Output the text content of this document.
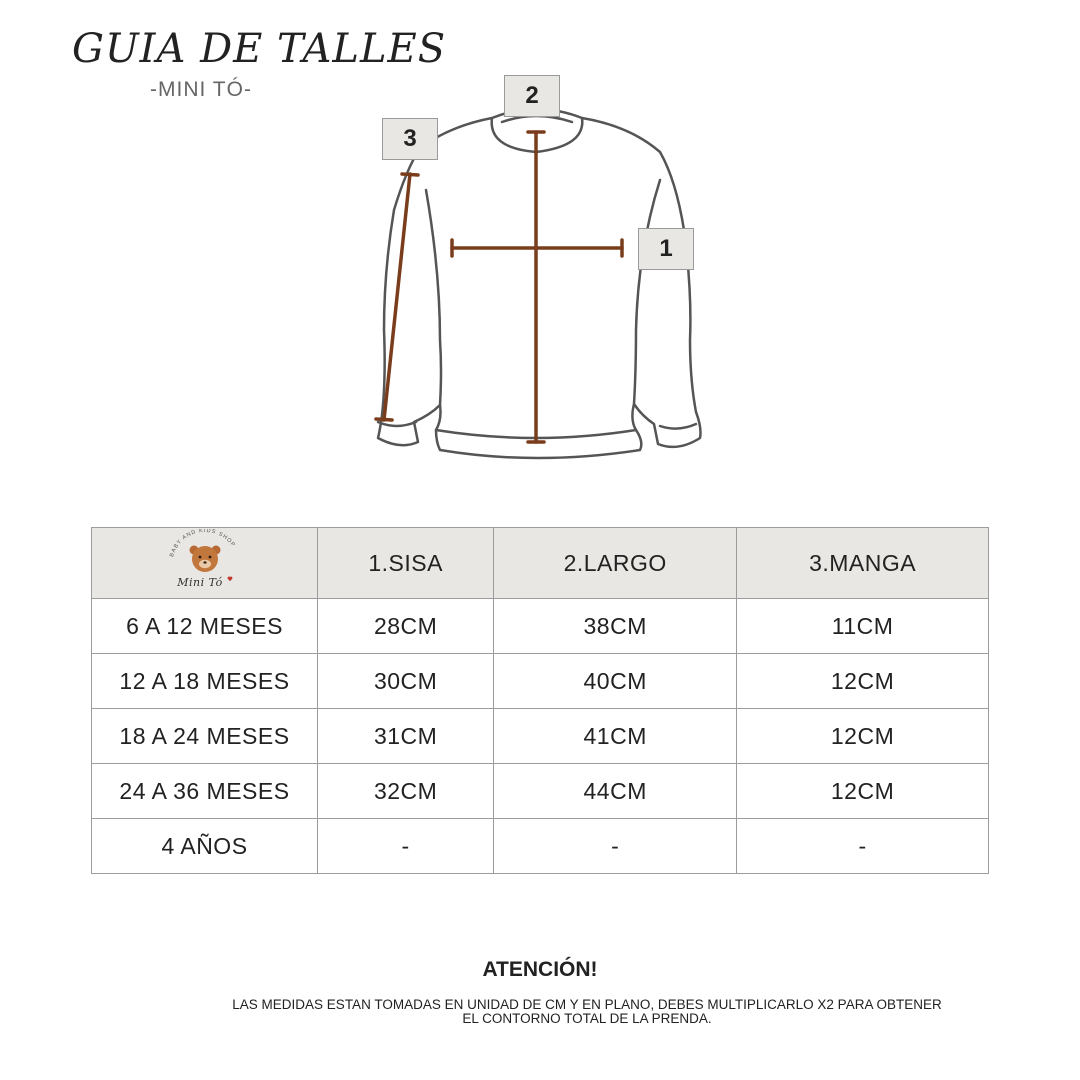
GUIA DE TALLES

-MINI TÓ-

1
2
3
BABY AND KIDS SHOP
Mini Tó	1.SISA	2.LARGO	3.MANGA
6 A 12 MESES	28CM	38CM	11CM
12 A 18 MESES	30CM	40CM	12CM
18 A 24 MESES	31CM	41CM	12CM
24 A 36 MESES	32CM	44CM	12CM
4 AÑOS	-	-	-

ATENCIÓN!

LAS MEDIDAS ESTAN TOMADAS EN UNIDAD DE CM Y EN PLANO, DEBES MULTIPLICARLO X2 PARA OBTENER EL CONTORNO TOTAL DE LA PRENDA.
